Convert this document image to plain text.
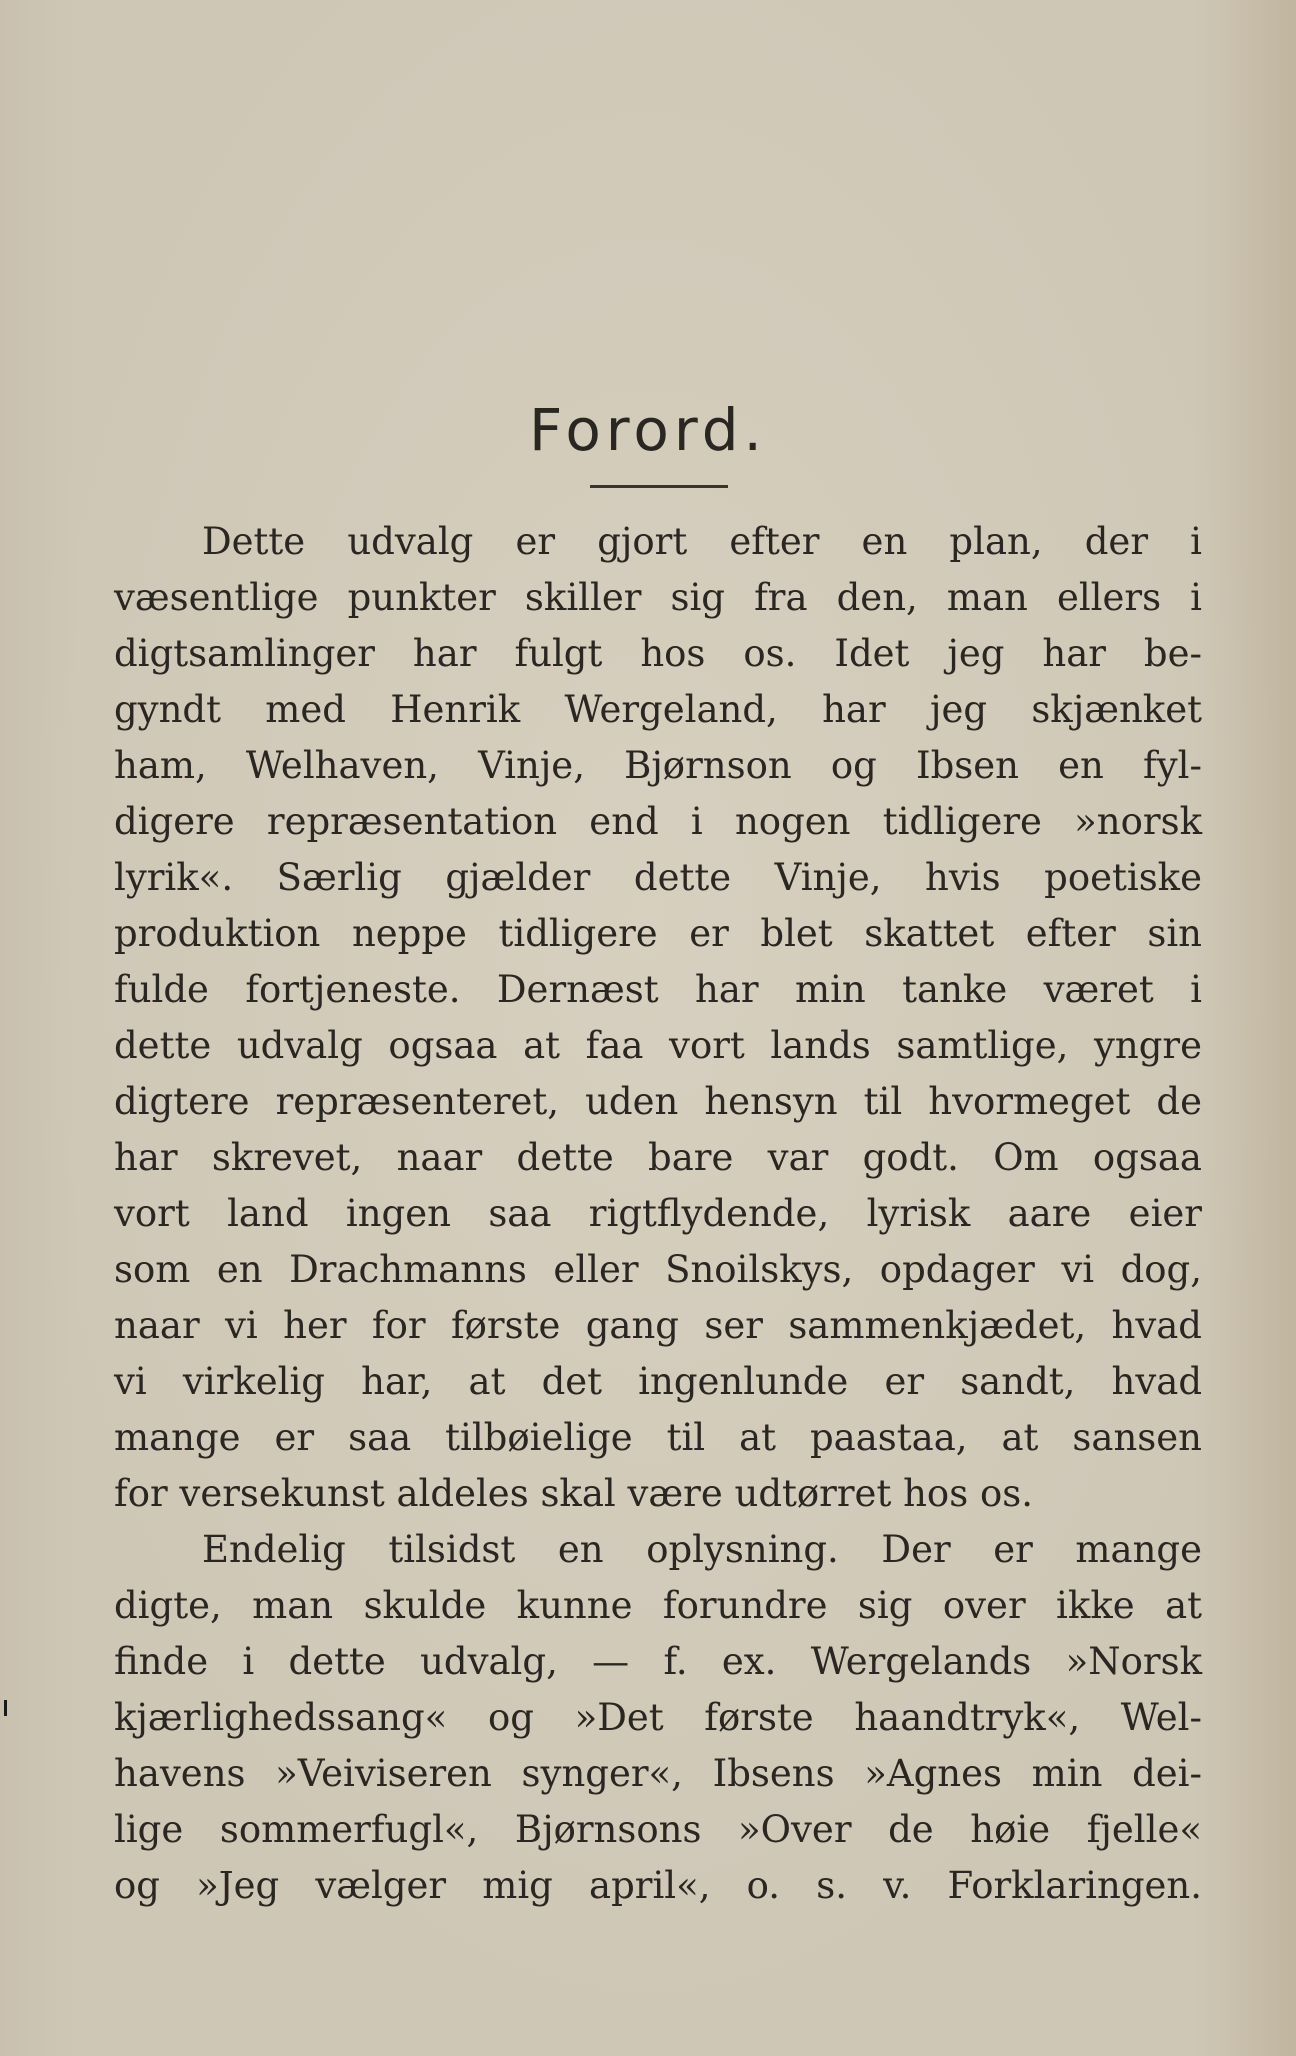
Forord.
Dette udvalg er gjort efter en plan, der i
væsentlige punkter skiller sig fra den, man ellers i
digtsamlinger har fulgt hos os. Idet jeg har be-
gyndt med Henrik Wergeland, har jeg skjænket
ham, Welhaven, Vinje, Bjørnson og Ibsen en fyl-
digere repræsentation end i nogen tidligere »norsk
lyrik«. Særlig gjælder dette Vinje, hvis poetiske
produktion neppe tidligere er blet skattet efter sin
fulde fortjeneste. Dernæst har min tanke været i
dette udvalg ogsaa at faa vort lands samtlige, yngre
digtere repræsenteret, uden hensyn til hvormeget de
har skrevet, naar dette bare var godt. Om ogsaa
vort land ingen saa rigtflydende, lyrisk aare eier
som en Drachmanns eller Snoilskys, opdager vi dog,
naar vi her for første gang ser sammenkjædet, hvad
vi virkelig har, at det ingenlunde er sandt, hvad
mange er saa tilbøielige til at paastaa, at sansen
for versekunst aldeles skal være udtørret hos os.
Endelig tilsidst en oplysning. Der er mange
digte, man skulde kunne forundre sig over ikke at
finde i dette udvalg, — f. ex. Wergelands »Norsk
kjærlighedssang« og »Det første haandtryk«, Wel-
havens »Veiviseren synger«, Ibsens »Agnes min dei-
lige sommerfugl«, Bjørnsons »Over de høie fjelle«
og »Jeg vælger mig april«, o. s. v. Forklaringen.
